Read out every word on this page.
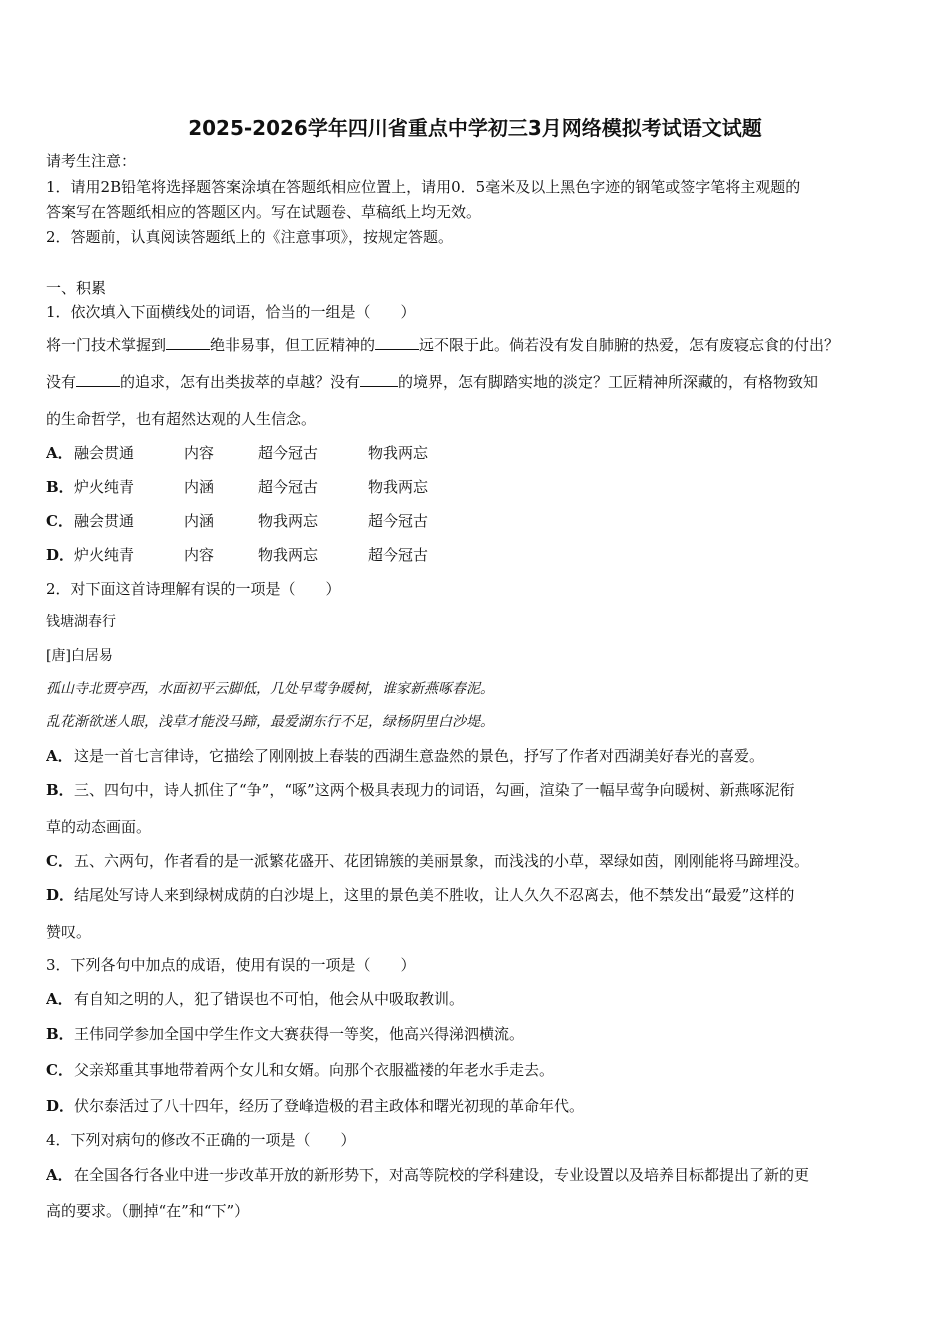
2025-2026学年四川省重点中学初三3月网络模拟考试语文试题
请考生注意：
1．请用2B铅笔将选择题答案涂填在答题纸相应位置上，请用0．5毫米及以上黑色字迹的钢笔或签字笔将主观题的
答案写在答题纸相应的答题区内。写在试题卷、草稿纸上均无效。
2．答题前，认真阅读答题纸上的《注意事项》，按规定答题。
一、积累
1．依次填入下面横线处的词语，恰当的一组是（　　）
将一门技术掌握到	绝非易事，但工匠精神的	远不限于此。倘若没有发自肺腑的热爱，怎有废寝忘食的付出？
没有	的追求，怎有出类拔萃的卓越？没有	的境界，怎有脚踏实地的淡定？工匠精神所深藏的，有格物致知
的生命哲学，也有超然达观的人生信念。
A．融会贯通	内容	超今冠古	物我两忘
B．炉火纯青	内涵	超今冠古	物我两忘
C．融会贯通	内涵	物我两忘	超今冠古
D．炉火纯青	内容	物我两忘	超今冠古
2．对下面这首诗理解有误的一项是（　　）
钱塘湖春行
[唐]白居易
孤山寺北贾亭西，水面初平云脚低，几处早莺争暖树，谁家新燕啄春泥。
乱花渐欲迷人眼，浅草才能没马蹄，最爱湖东行不足，绿杨阴里白沙堤。
A．这是一首七言律诗，它描绘了刚刚披上春装的西湖生意盎然的景色，抒写了作者对西湖美好春光的喜爱。
B．三、四句中，诗人抓住了“争”，“啄”这两个极具表现力的词语，勾画，渲染了一幅早莺争向暖树、新燕啄泥衔
草的动态画面。
C．五、六两句，作者看的是一派繁花盛开、花团锦簇的美丽景象，而浅浅的小草，翠绿如茵，刚刚能将马蹄埋没。
D．结尾处写诗人来到绿树成荫的白沙堤上，这里的景色美不胜收，让人久久不忍离去，他不禁发出“最爱”这样的
赞叹。
3．下列各句中加点的成语，使用有误的一项是（　　）
A．有自知之明的人，犯了错误也不可怕，他会从中吸取教训。
B．王伟同学参加全国中学生作文大赛获得一等奖，他高兴得涕泗横流。
C．父亲郑重其事地带着两个女儿和女婿。向那个衣服褴褛的年老水手走去。
D．伏尔泰活过了八十四年，经历了登峰造极的君主政体和曙光初现的革命年代。
4．下列对病句的修改不正确的一项是（　　）
A．在全国各行各业中进一步改革开放的新形势下，对高等院校的学科建设，专业设置以及培养目标都提出了新的更
高的要求。（删掉“在”和“下”）
